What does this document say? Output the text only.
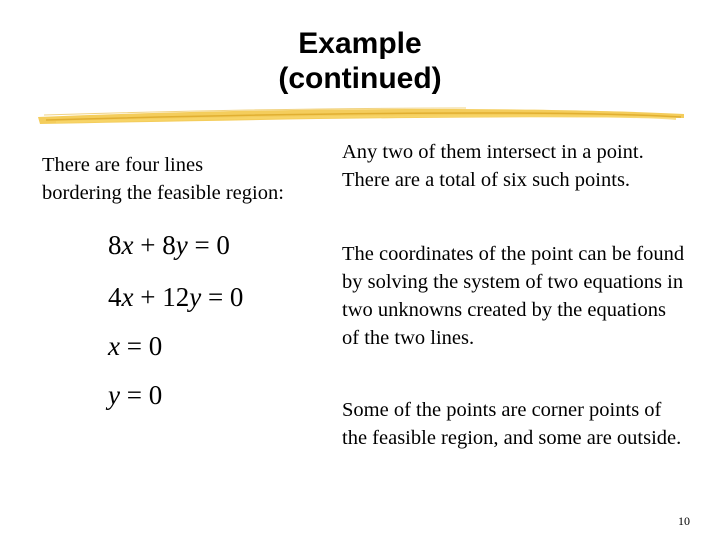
Example
(continued)
There are four lines
bordering the feasible region:
8x + 8y = 0
4x + 12y = 0
x = 0
y = 0

Any two of them intersect in a point. There are a total of six such points.

The coordinates of the point can be found by solving the system of two equations in two unknowns created by the equations of the two lines.

Some of the points are corner points of the feasible region, and some are outside.

10
